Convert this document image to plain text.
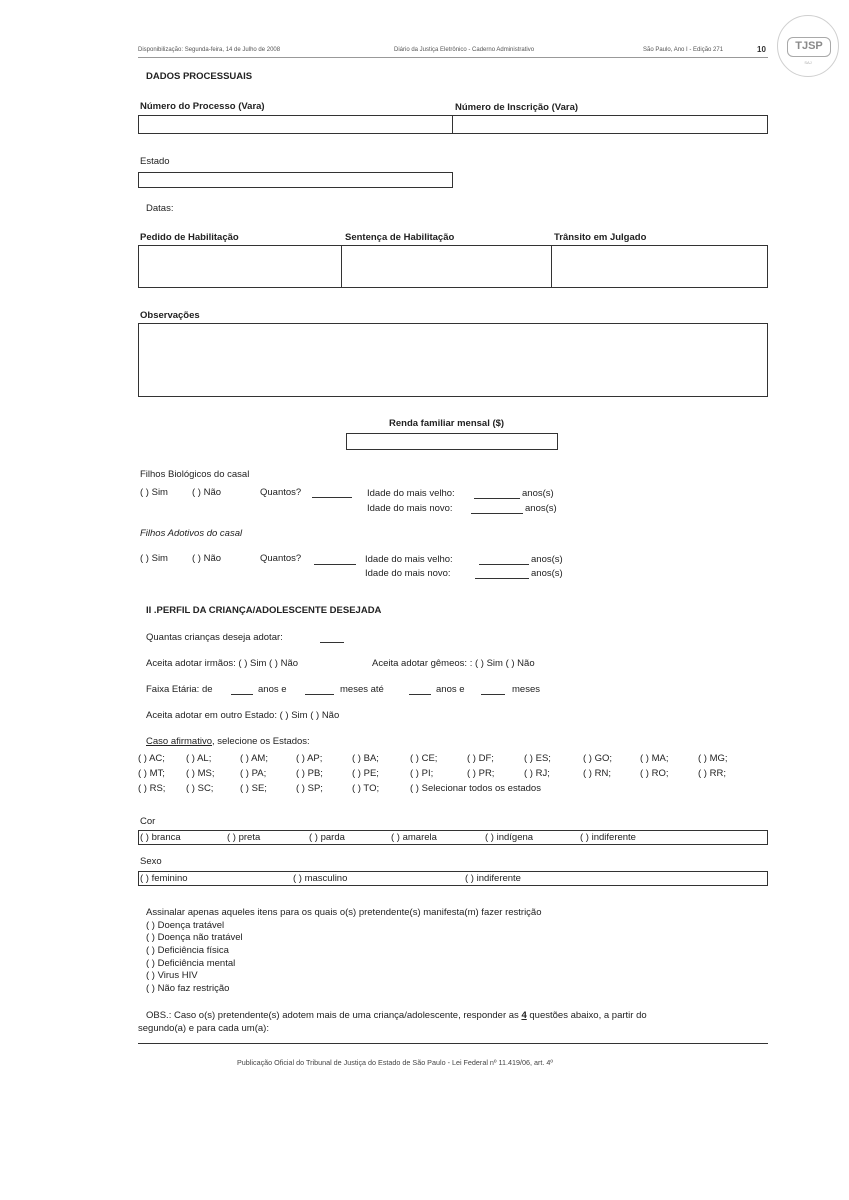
Disponibilização: Segunda-feira, 14 de Julho de 2008	Diário da Justiça Eletrônico - Caderno Administrativo	São Paulo, Ano I - Edição 271	10	TJSP
SAJ
DADOS PROCESSUAIS
Número do Processo (Vara)	Número de Inscrição (Vara)
Estado
Datas:
Pedido de Habilitação	Sentença de Habilitação	Trânsito em Julgado
Observações
Renda familiar mensal ($)
Filhos Biológicos do casal
( ) Sim	( ) Não	Quantos?	Idade do mais velho:	anos(s)
Idade do mais novo:	anos(s)
Filhos Adotivos do casal
( ) Sim	( ) Não	Quantos?	Idade do mais velho:	anos(s)
Idade do mais novo:	anos(s)
II .PERFIL DA CRIANÇA/ADOLESCENTE DESEJADA
Quantas crianças deseja adotar:
Aceita adotar irmãos: ( ) Sim ( ) Não	Aceita adotar gêmeos: : ( ) Sim ( ) Não
Faixa Etária: de	anos e	meses até	anos e	meses
Aceita adotar em outro Estado: ( ) Sim ( ) Não
Caso afirmativo, selecione os Estados:
( ) AC; ( ) AL;	( ) AM;	( ) AP;	( ) BA;	( ) CE;	( ) DF;	( ) ES;	( ) GO;	( ) MA;	( ) MG;
( ) MT; ( ) MS;	( ) PA;	( ) PB;	( ) PE;	( ) PI;	( ) PR;	( ) RJ;	( ) RN;	( ) RO;	( ) RR;
( ) RS; ( ) SC;	( ) SE;	( ) SP;	( ) TO;	( ) Selecionar todos os estados
Cor
( ) branca	( ) preta	( ) parda	( ) amarela	( ) indígena	( ) indiferente
Sexo
( ) feminino	( ) masculino	( ) indiferente
Assinalar apenas aqueles itens para os quais o(s) pretendente(s) manifesta(m) fazer restrição
( ) Doença tratável
( ) Doença não tratável
( ) Deficiência física
( ) Deficiência mental
( ) Virus HIV
( ) Não faz restrição
OBS.: Caso o(s) pretendente(s) adotem mais de uma criança/adolescente, responder as 4 questões abaixo, a partir do
segundo(a) e para cada um(a):
Publicação Oficial do Tribunal de Justiça do Estado de São Paulo - Lei Federal nº 11.419/06, art. 4º
